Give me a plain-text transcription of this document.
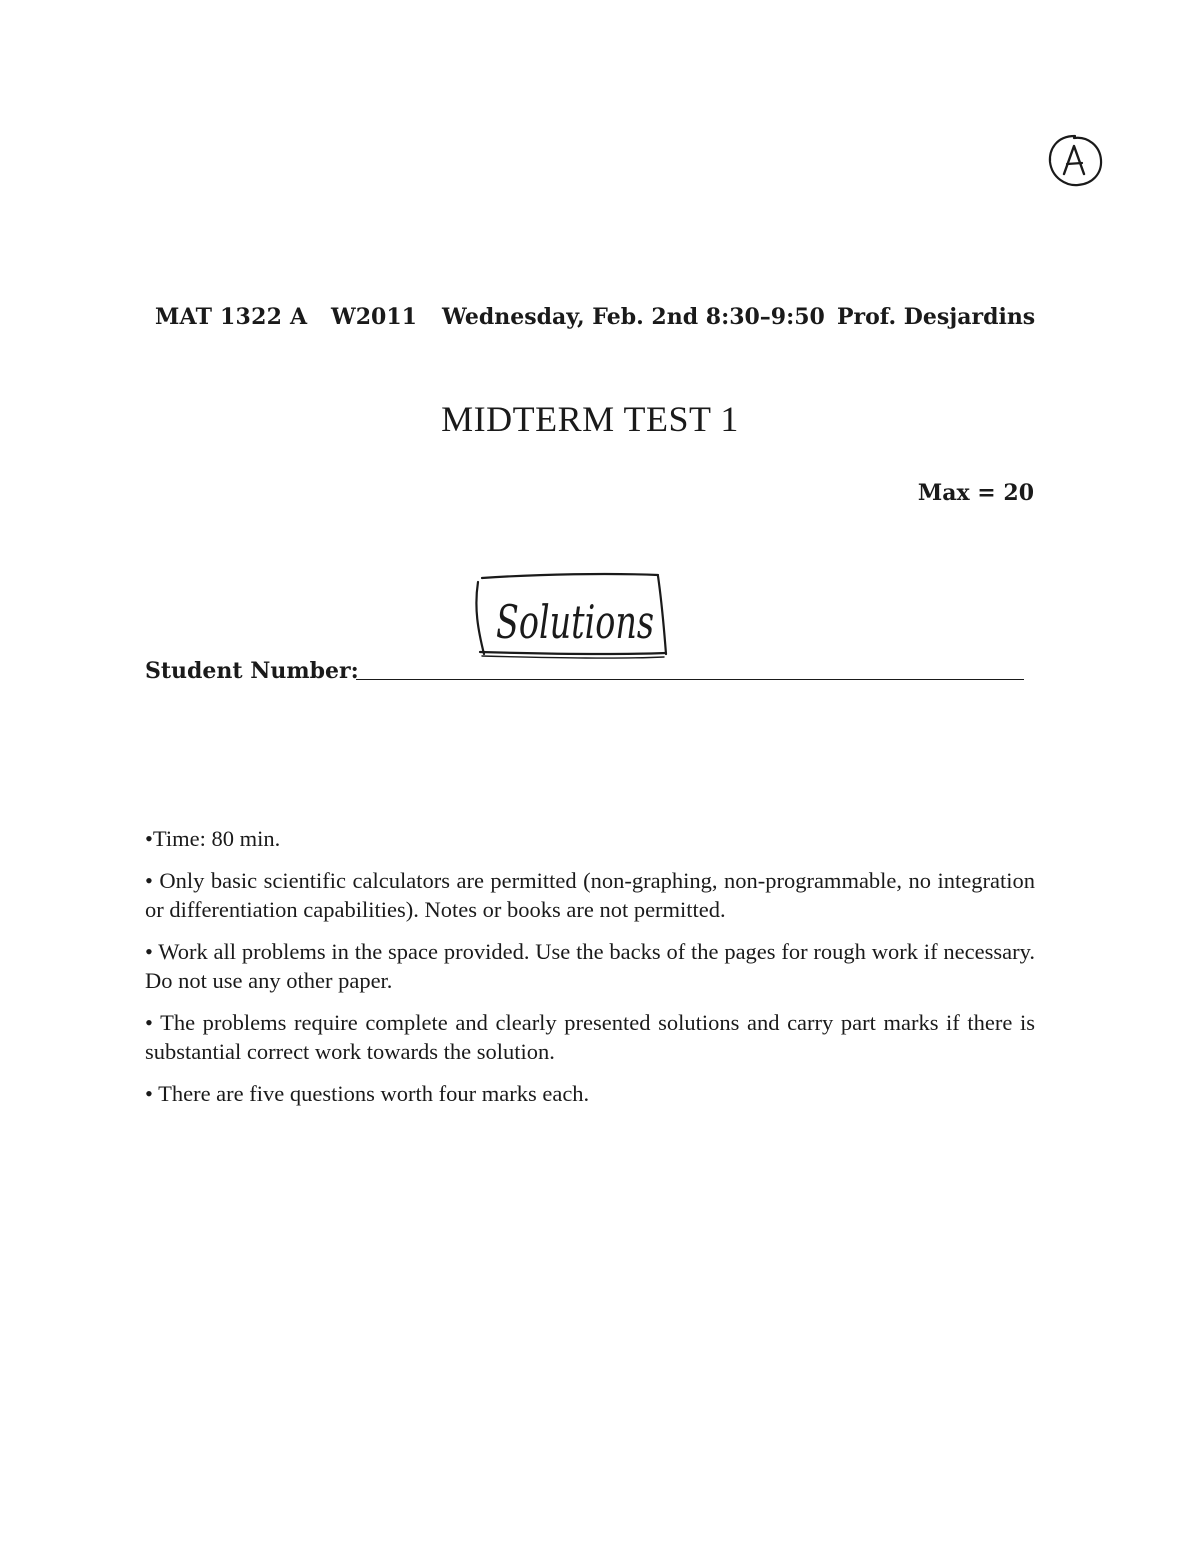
MAT 1322 A W2011 Wednesday, Feb. 2nd 8:30–9:50 Prof. Desjardins
MIDTERM TEST 1
Max = 20
Solutions
Student Number:
•Time: 80 min.
• Only basic scientific calculators are permitted (non-graphing, non-programmable, no integration or differentiation capabilities). Notes or books are not permitted.
• Work all problems in the space provided. Use the backs of the pages for rough work if necessary. Do not use any other paper.
• The problems require complete and clearly presented solutions and carry part marks if there is substantial correct work towards the solution.
• There are five questions worth four marks each.
